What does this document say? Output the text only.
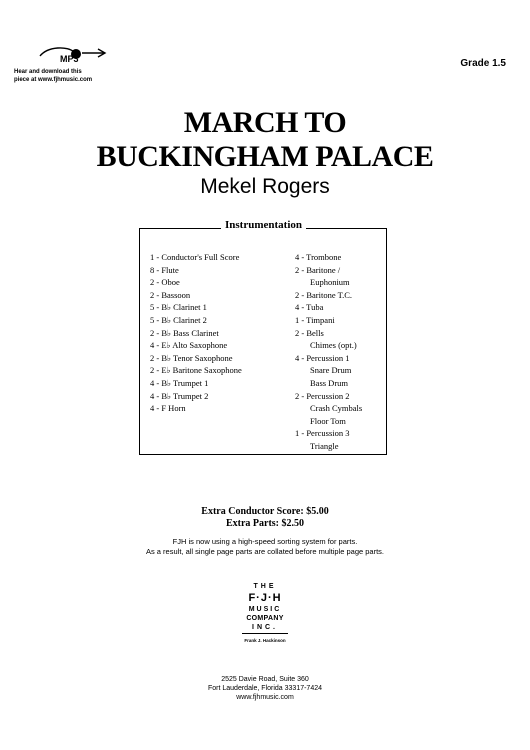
MP3
Hear and download this
piece at www.fjhmusic.com
Grade 1.5
MARCH TO
BUCKINGHAM PALACE
Mekel Rogers
1 - Conductor's Full Score
8 - Flute
2 - Oboe
2 - Bassoon
5 - B♭ Clarinet 1
5 - B♭ Clarinet 2
2 - B♭ Bass Clarinet
4 - E♭ Alto Saxophone
2 - B♭ Tenor Saxophone
2 - E♭ Baritone Saxophone
4 - B♭ Trumpet 1
4 - B♭ Trumpet 2
4 - F Horn
4 - Trombone
2 - Baritone /
Euphonium
2 - Baritone T.C.
4 - Tuba
1 - Timpani
2 - Bells
Chimes (opt.)
4 - Percussion 1
Snare Drum
Bass Drum
2 - Percussion 2
Crash Cymbals
Floor Tom
1 - Percussion 3
Triangle
Instrumentation
Extra Conductor Score: $5.00
Extra Parts: $2.50
FJH is now using a high-speed sorting system for parts.
As a result, all single page parts are collated before multiple page parts.
THE
F·J·H
MUSIC
COMPANY
INC.
Frank J. Hackinson
2525 Davie Road, Suite 360
Fort Lauderdale, Florida 33317-7424
www.fjhmusic.com
